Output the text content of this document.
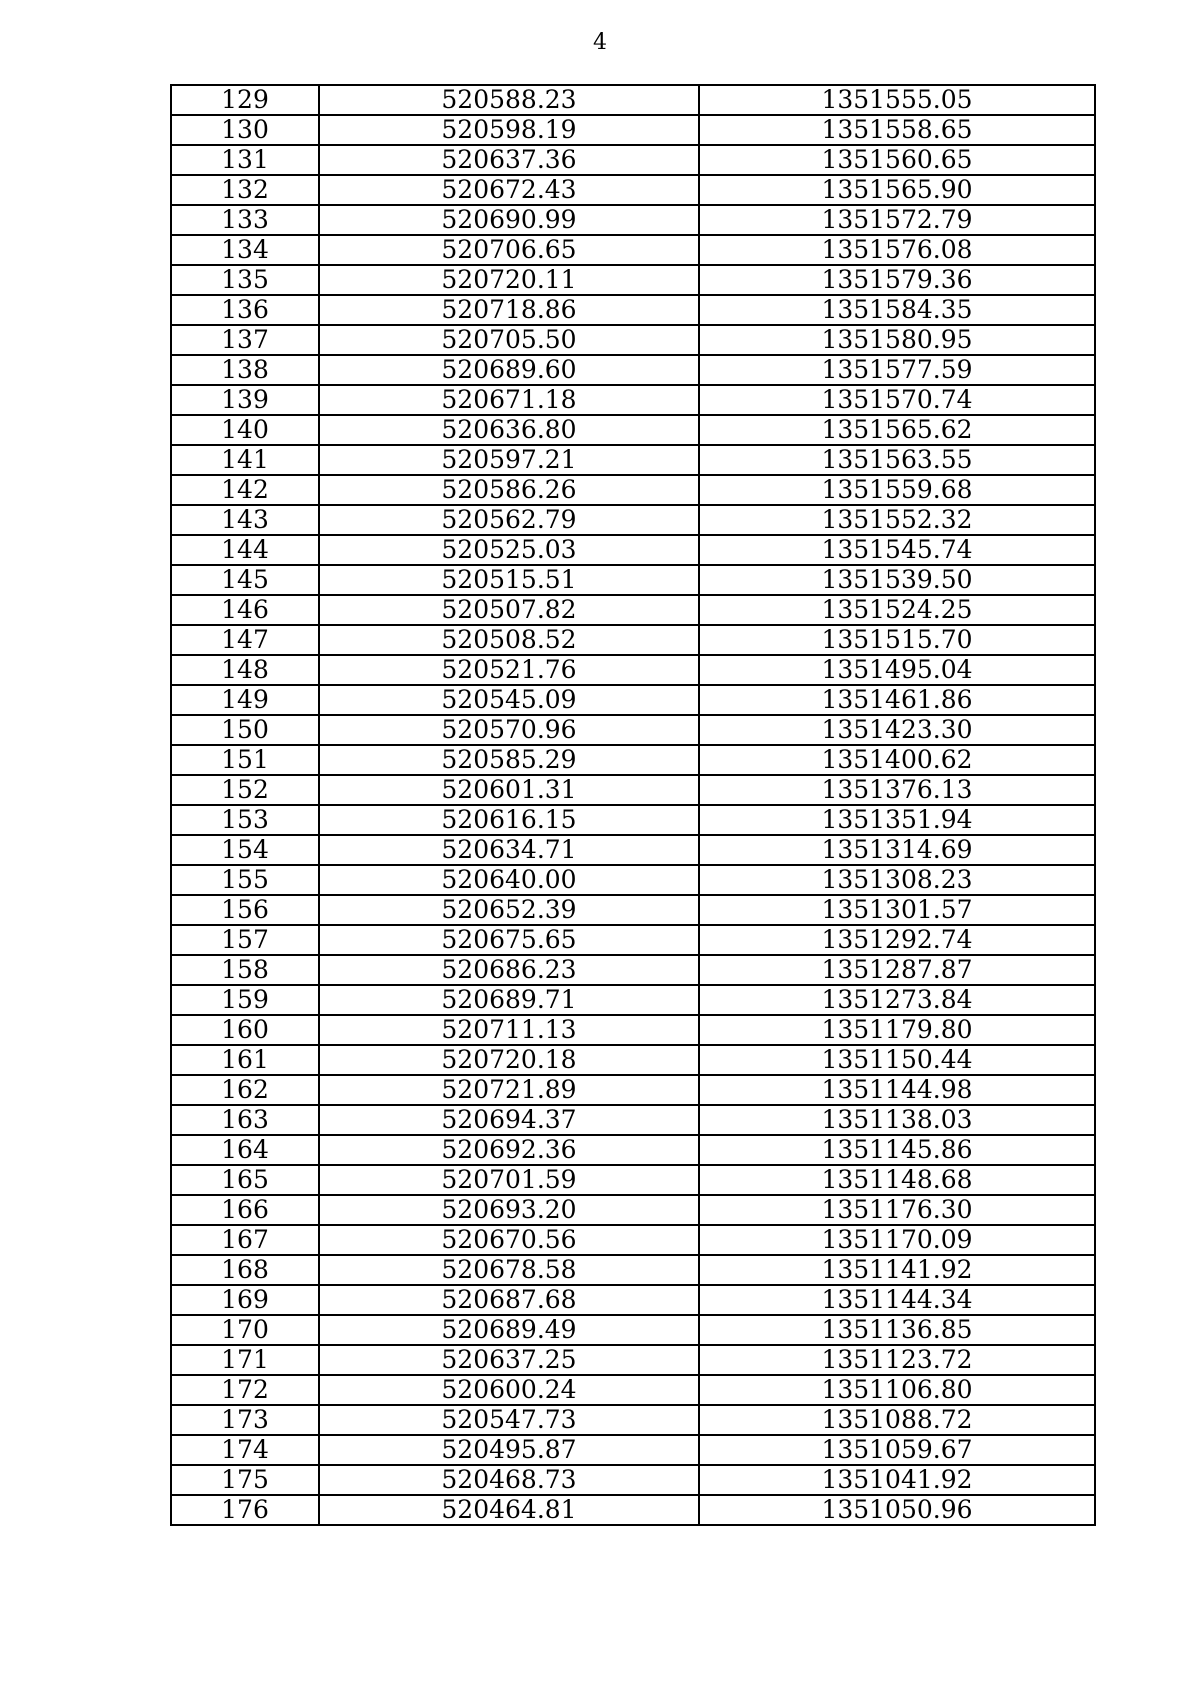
4
129	520588.23	1351555.05
130	520598.19	1351558.65
131	520637.36	1351560.65
132	520672.43	1351565.90
133	520690.99	1351572.79
134	520706.65	1351576.08
135	520720.11	1351579.36
136	520718.86	1351584.35
137	520705.50	1351580.95
138	520689.60	1351577.59
139	520671.18	1351570.74
140	520636.80	1351565.62
141	520597.21	1351563.55
142	520586.26	1351559.68
143	520562.79	1351552.32
144	520525.03	1351545.74
145	520515.51	1351539.50
146	520507.82	1351524.25
147	520508.52	1351515.70
148	520521.76	1351495.04
149	520545.09	1351461.86
150	520570.96	1351423.30
151	520585.29	1351400.62
152	520601.31	1351376.13
153	520616.15	1351351.94
154	520634.71	1351314.69
155	520640.00	1351308.23
156	520652.39	1351301.57
157	520675.65	1351292.74
158	520686.23	1351287.87
159	520689.71	1351273.84
160	520711.13	1351179.80
161	520720.18	1351150.44
162	520721.89	1351144.98
163	520694.37	1351138.03
164	520692.36	1351145.86
165	520701.59	1351148.68
166	520693.20	1351176.30
167	520670.56	1351170.09
168	520678.58	1351141.92
169	520687.68	1351144.34
170	520689.49	1351136.85
171	520637.25	1351123.72
172	520600.24	1351106.80
173	520547.73	1351088.72
174	520495.87	1351059.67
175	520468.73	1351041.92
176	520464.81	1351050.96
